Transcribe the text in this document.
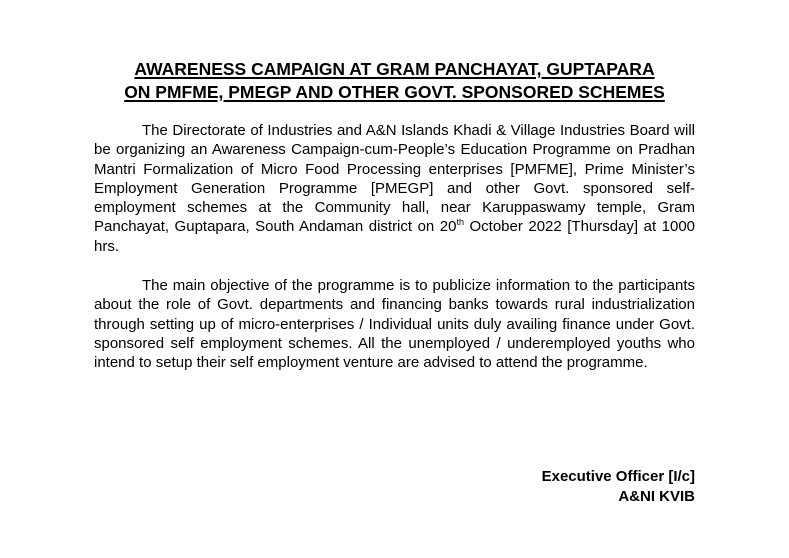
AWARENESS CAMPAIGN AT GRAM PANCHAYAT, GUPTAPARA
ON PMFME, PMEGP AND OTHER GOVT. SPONSORED SCHEMES

The Directorate of Industries and A&N Islands Khadi & Village Industries Board will be organizing an Awareness Campaign-cum-People’s Education Programme on Pradhan Mantri Formalization of Micro Food Processing enterprises [PMFME], Prime Minister’s Employment Generation Programme [PMEGP] and other Govt. sponsored self-employment schemes at the Community hall, near Karuppaswamy temple, Gram Panchayat, Guptapara, South Andaman district on 20th October 2022 [Thursday] at 1000 hrs.

The main objective of the programme is to publicize information to the participants about the role of Govt. departments and financing banks towards rural industrialization through setting up of micro-enterprises / Individual units duly availing finance under Govt. sponsored self employment schemes. All the unemployed / underemployed youths who intend to setup their self employment venture are advised to attend the programme.

Executive Officer [I/c]
A&NI KVIB
